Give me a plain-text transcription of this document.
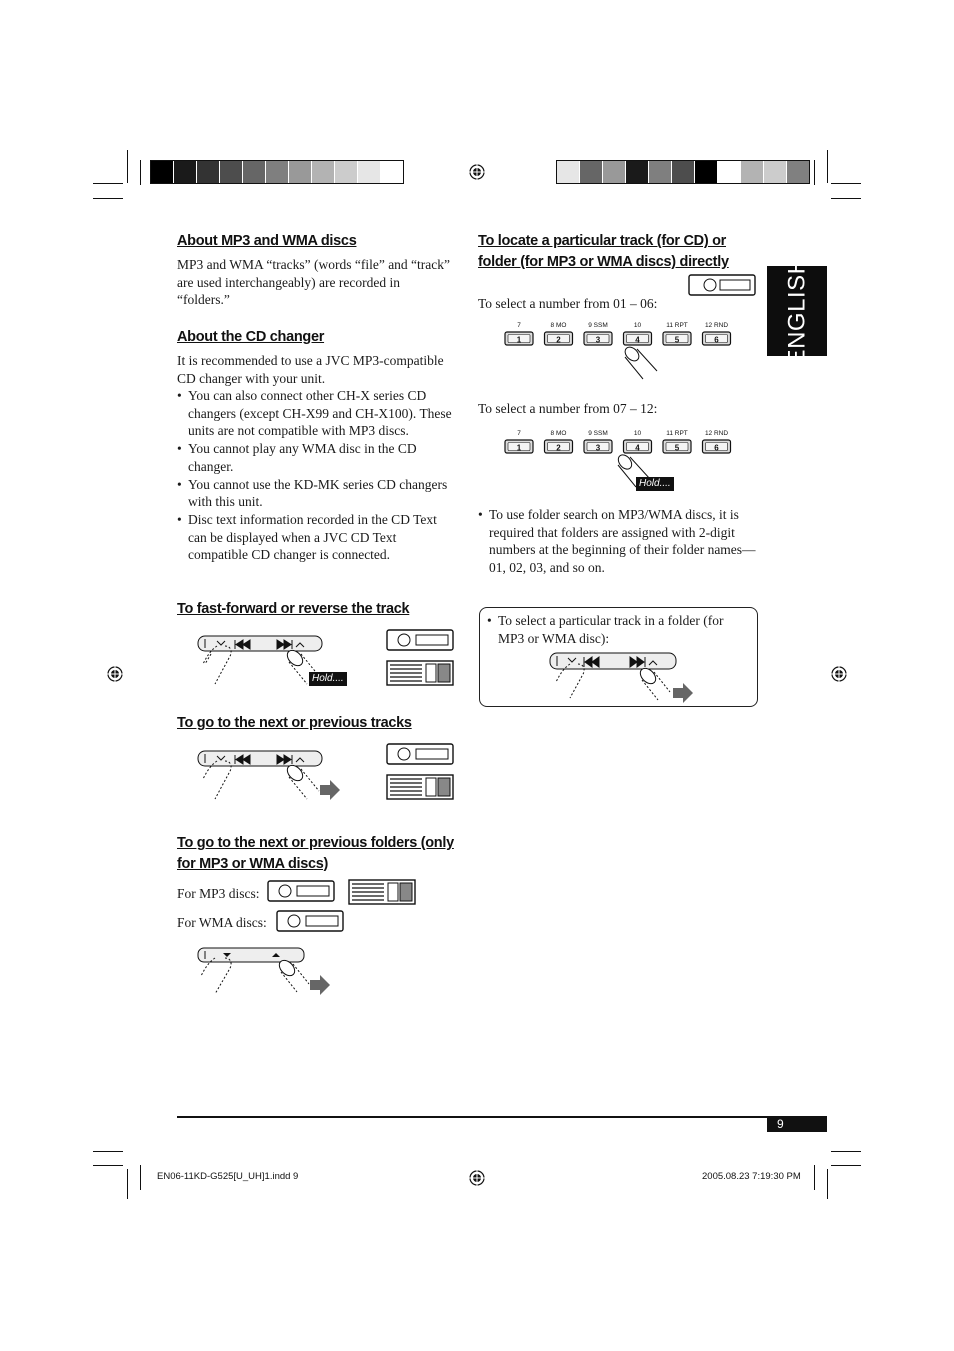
ENGLISH
About MP3 and WMA discs
MP3 and WMA “tracks” (words “file” and “track” are used interchangeably) are recorded in “folders.”
About the CD changer
It is recommended to use a JVC MP3-compatible CD changer with your unit.
• You can also connect other CH-X series CD changers (except CH-X99 and CH-X100). These units are not compatible with MP3 discs.
• You cannot play any WMA disc in the CD changer.
• You cannot use the KD-MK series CD changers with this unit.
• Disc text information recorded in the CD Text can be displayed when a JVC CD Text compatible CD changer is connected.
To fast-forward or reverse the track
Hold....
To go to the next or previous tracks
To go to the next or previous folders (only for MP3 or WMA discs)
For MP3 discs:
For WMA discs:
To locate a particular track (for CD) or folder (for MP3 or WMA discs) directly
To select a number from 01 – 06:
7
1
8 MO
2
9 SSM
3
10
4
11 RPT
5
12 RND
6
To select a number from 07 – 12:
7
1
8 MO
2
9 SSM
3
10
4
11 RPT
5
12 RND
6
Hold....
• To use folder search on MP3/WMA discs, it is required that folders are assigned with 2-digit numbers at the beginning of their folder names—01, 02, 03, and so on.
• To select a particular track in a folder (for MP3 or WMA disc):
9
EN06-11KD-G525[U_UH]1.indd 9	2005.08.23 7:19:30 PM
